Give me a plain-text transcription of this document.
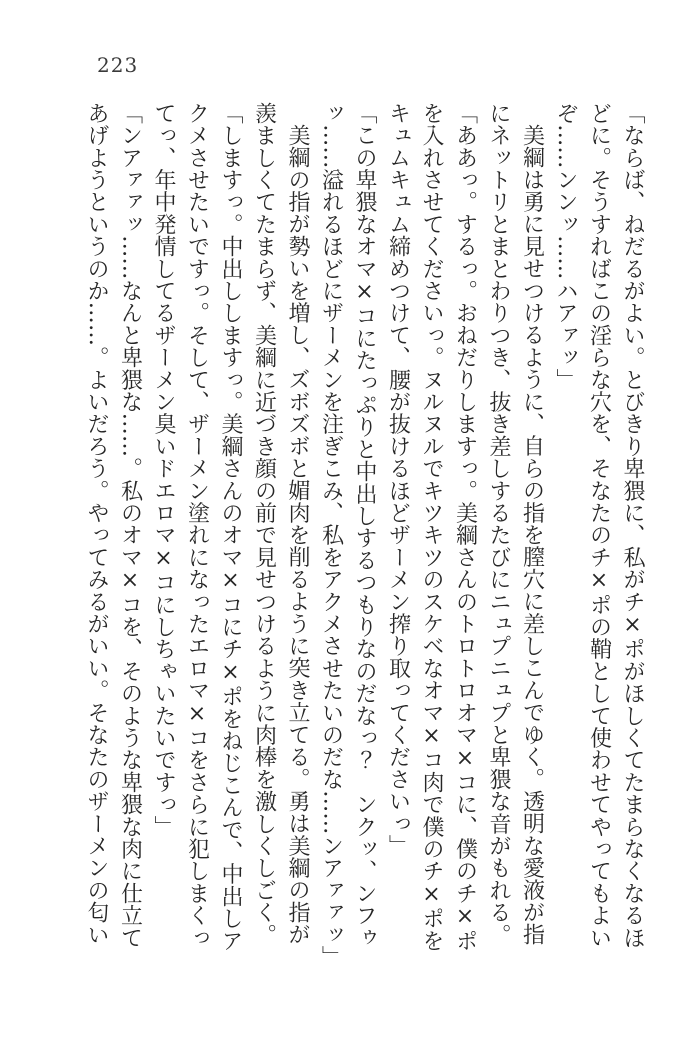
223
「ならば、ねだるがよい。とびきり卑猥に、私がチ×ポがほしくてたまらなくなるほ
どに。そうすればこの淫らな穴を、そなたのチ×ポの鞘として使わせてやってもよい
ぞ……ンンッ……ハアァッ」
美綱は勇に見せつけるように、自らの指を膣穴に差しこんでゆく。透明な愛液が指
にネットリとまとわりつき、抜き差しするたびにニュプニュプと卑猥な音がもれる。
「ああっ。するっ。おねだりしますっ。美綱さんのトロトロオマ×コに、僕のチ×ポ
を入れさせてくださいっ。ヌルヌルでキツキツのスケベなオマ×コ肉で僕のチ×ポを
キュムキュム締めつけて、腰が抜けるほどザーメン搾り取ってくださいっ」
「この卑猥なオマ×コにたっぷりと中出しするつもりなのだなっ？　ンクッ、ンフゥ
ッ……溢れるほどにザーメンを注ぎこみ、私をアクメさせたいのだな……ンアァァッ」
美綱の指が勢いを増し、ズボズボと媚肉を削るように突き立てる。勇は美綱の指が
羨ましくてたまらず、美綱に近づき顔の前で見せつけるように肉棒を激しくしごく。
「しますっ。中出ししますっ。美綱さんのオマ×コにチ×ポをねじこんで、中出しア
クメさせたいですっ。そして、ザーメン塗れになったエロマ×コをさらに犯しまくっ
てっ、年中発情してるザーメン臭いドエロマ×コにしちゃいたいですっ」
「ンアァァッ……なんと卑猥な……。私のオマ×コを、そのような卑猥な肉に仕立て
あげようというのか……。よいだろう。やってみるがいい。そなたのザーメンの匂い
